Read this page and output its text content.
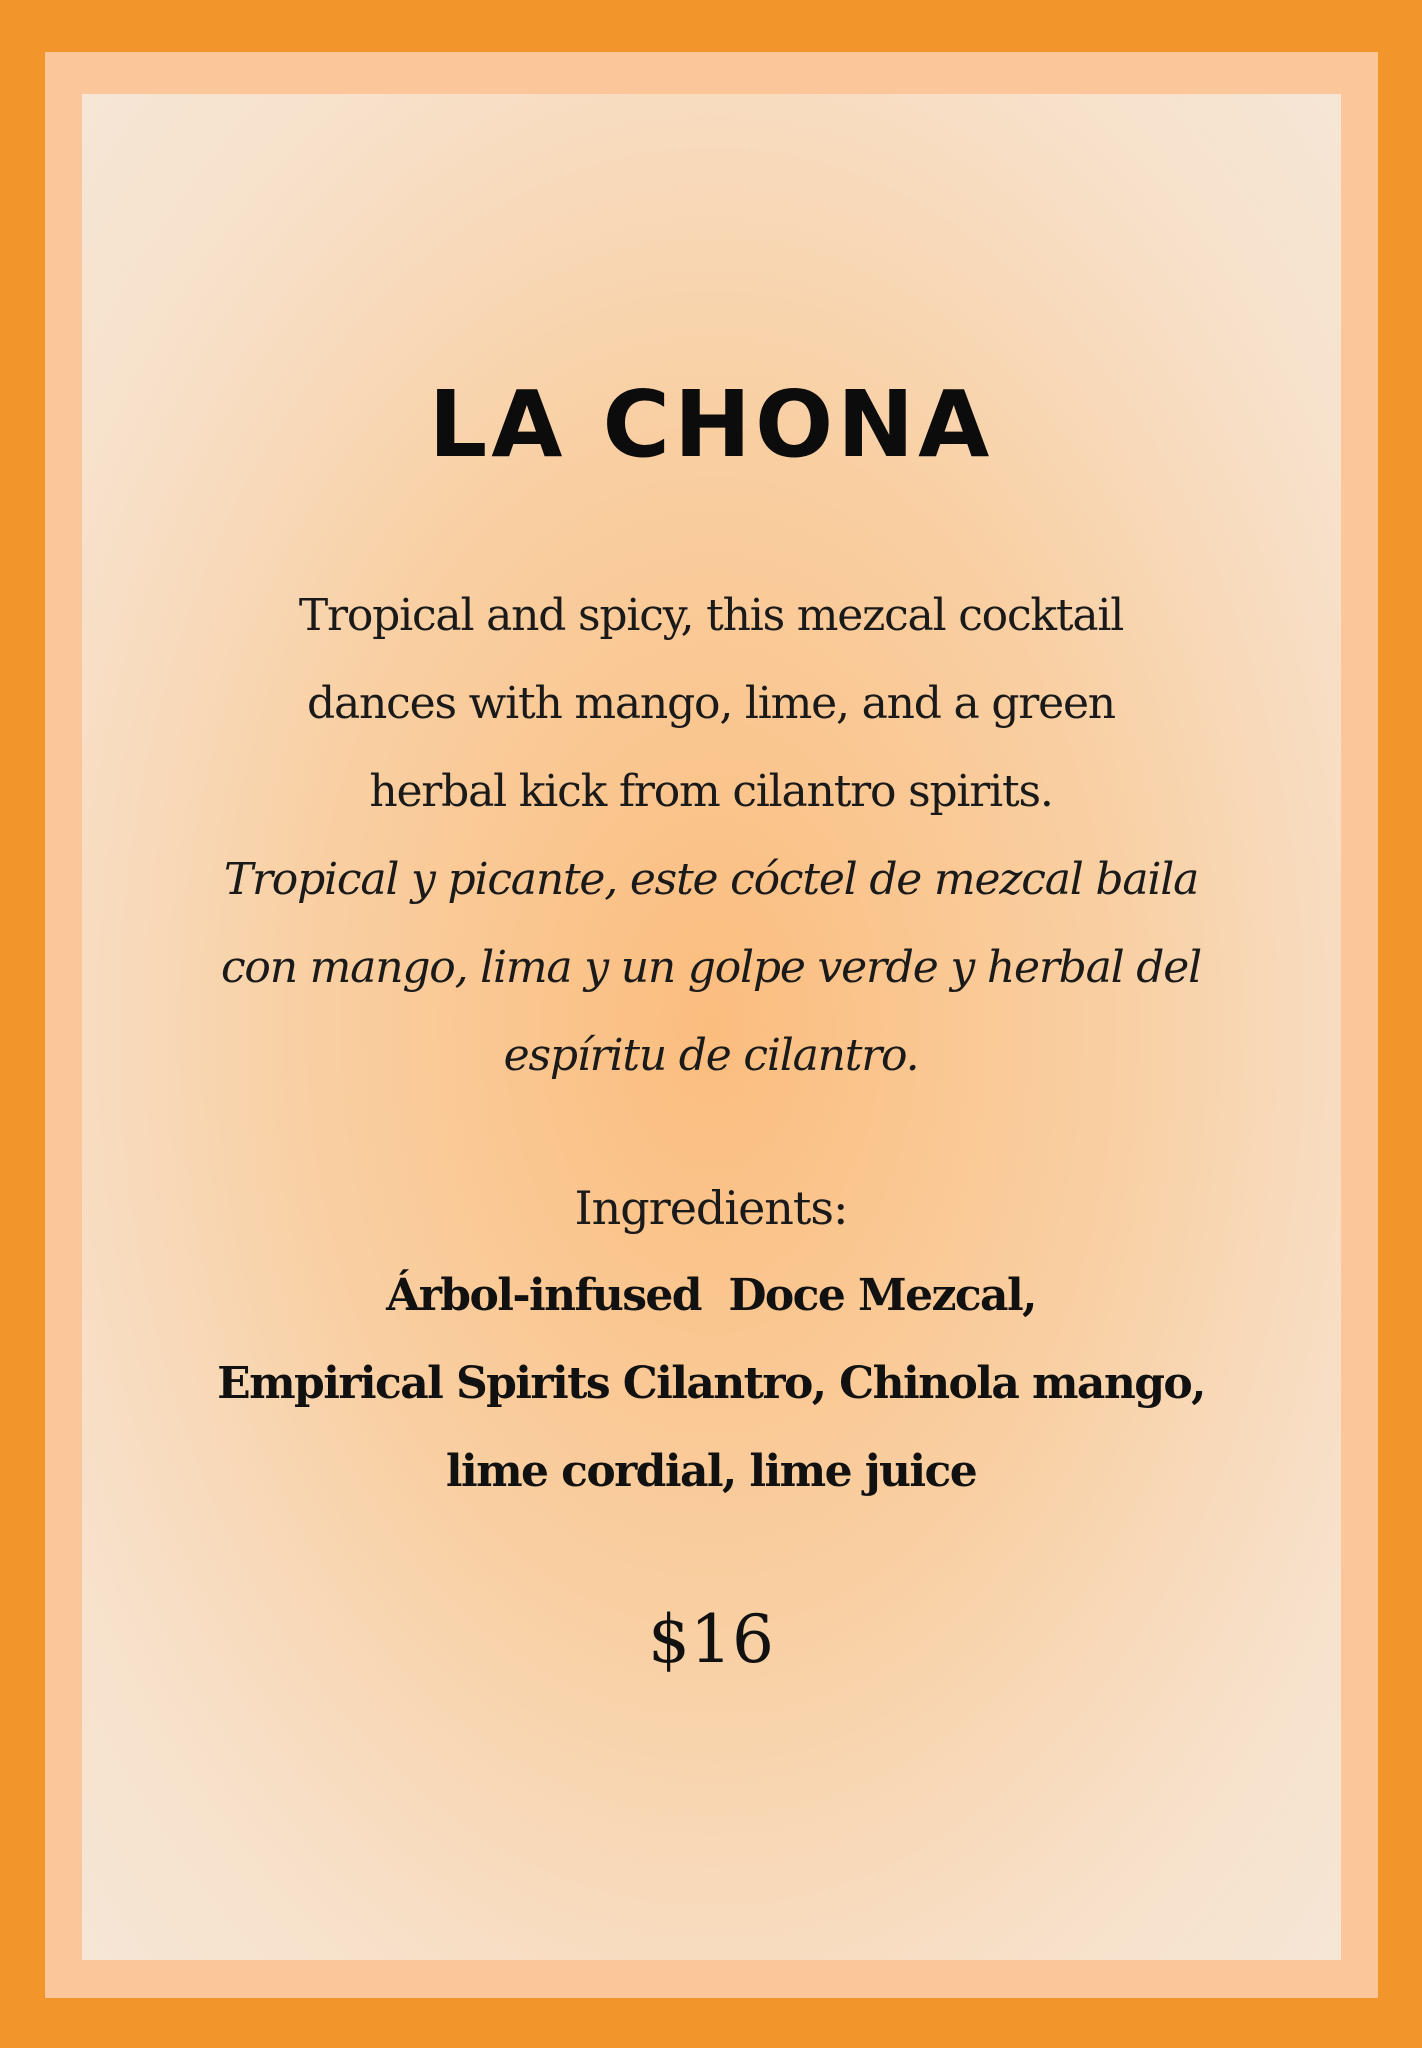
LA CHONA
Tropical and spicy, this mezcal cocktail
dances with mango, lime, and a green
herbal kick from cilantro spirits.
Tropical y picante, este cóctel de mezcal baila
con mango, lima y un golpe verde y herbal del
espíritu de cilantro.
Ingredients:
Árbol-infused  Doce Mezcal,
Empirical Spirits Cilantro, Chinola mango,
lime cordial, lime juice
$16
